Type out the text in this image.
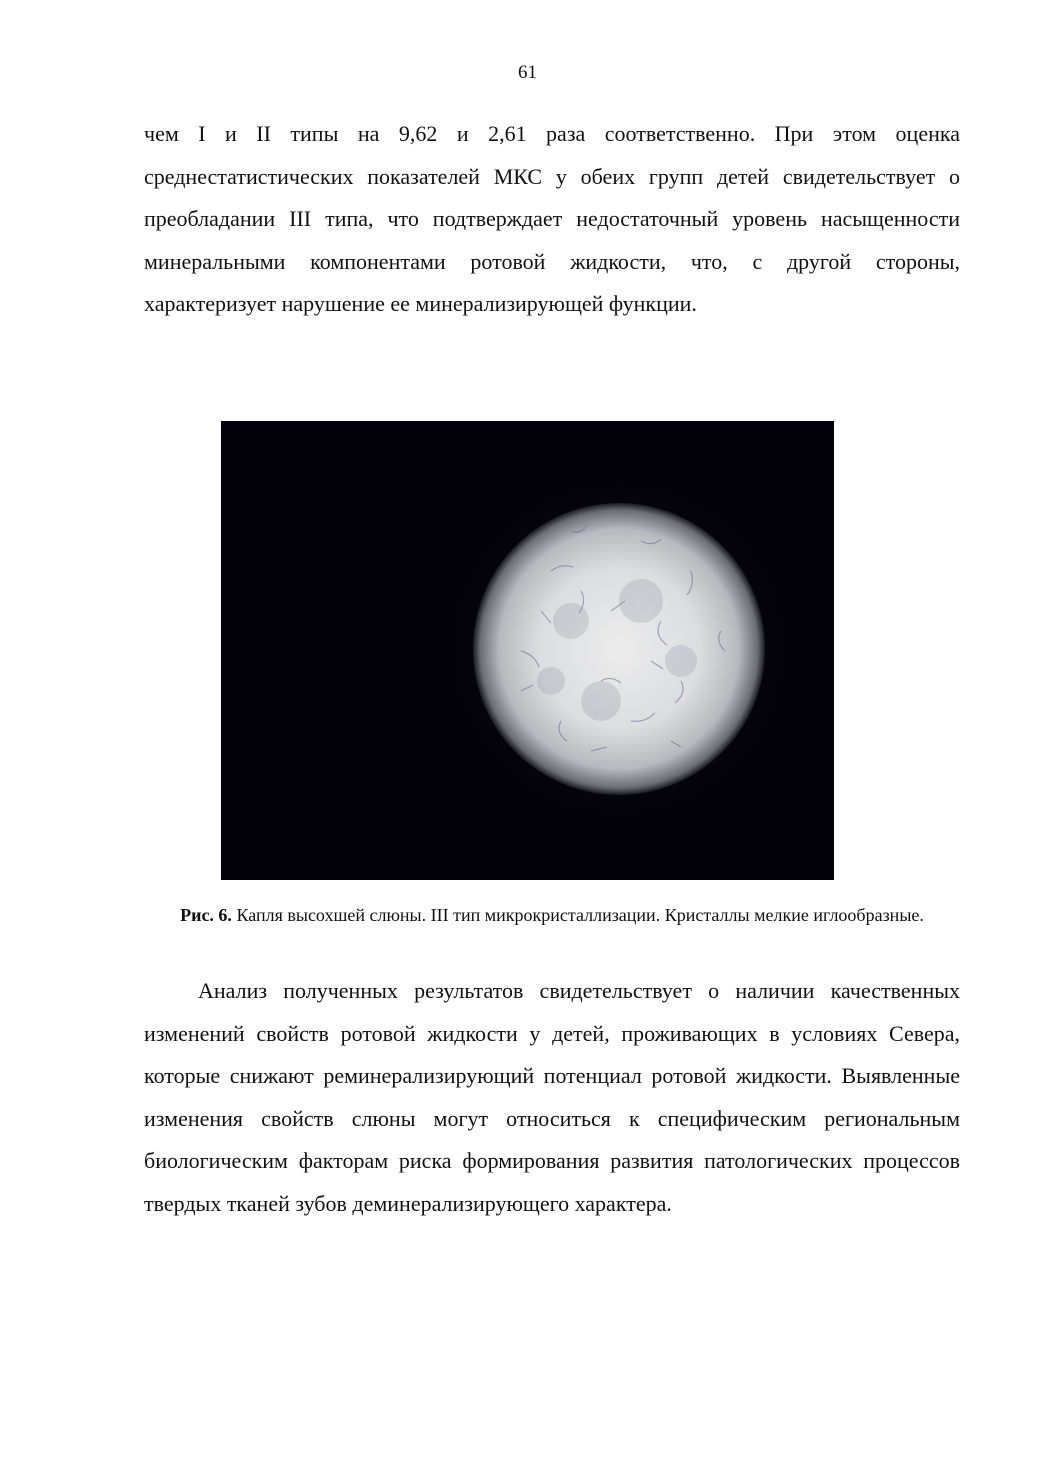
61

чем I и II типы на 9,62 и 2,61 раза соответственно. При этом оценка среднестатистических показателей МКС у обеих групп детей свидетельствует о преобладании III типа, что подтверждает недостаточный уровень насыщенности минеральными компонентами ротовой жидкости, что, с другой стороны, характеризует нарушение ее минерализирующей функции.

Рис. 6. Капля высохшей слюны. III тип микрокристаллизации. Кристаллы мелкие иглообразные.

Анализ полученных результатов свидетельствует о наличии качественных изменений свойств ротовой жидкости у детей, проживающих в условиях Севера, которые снижают реминерализирующий потенциал ротовой жидкости. Выявленные изменения свойств слюны могут относиться к специфическим региональным биологическим факторам риска формирования развития патологических процессов твердых тканей зубов деминерализирующего характера.
